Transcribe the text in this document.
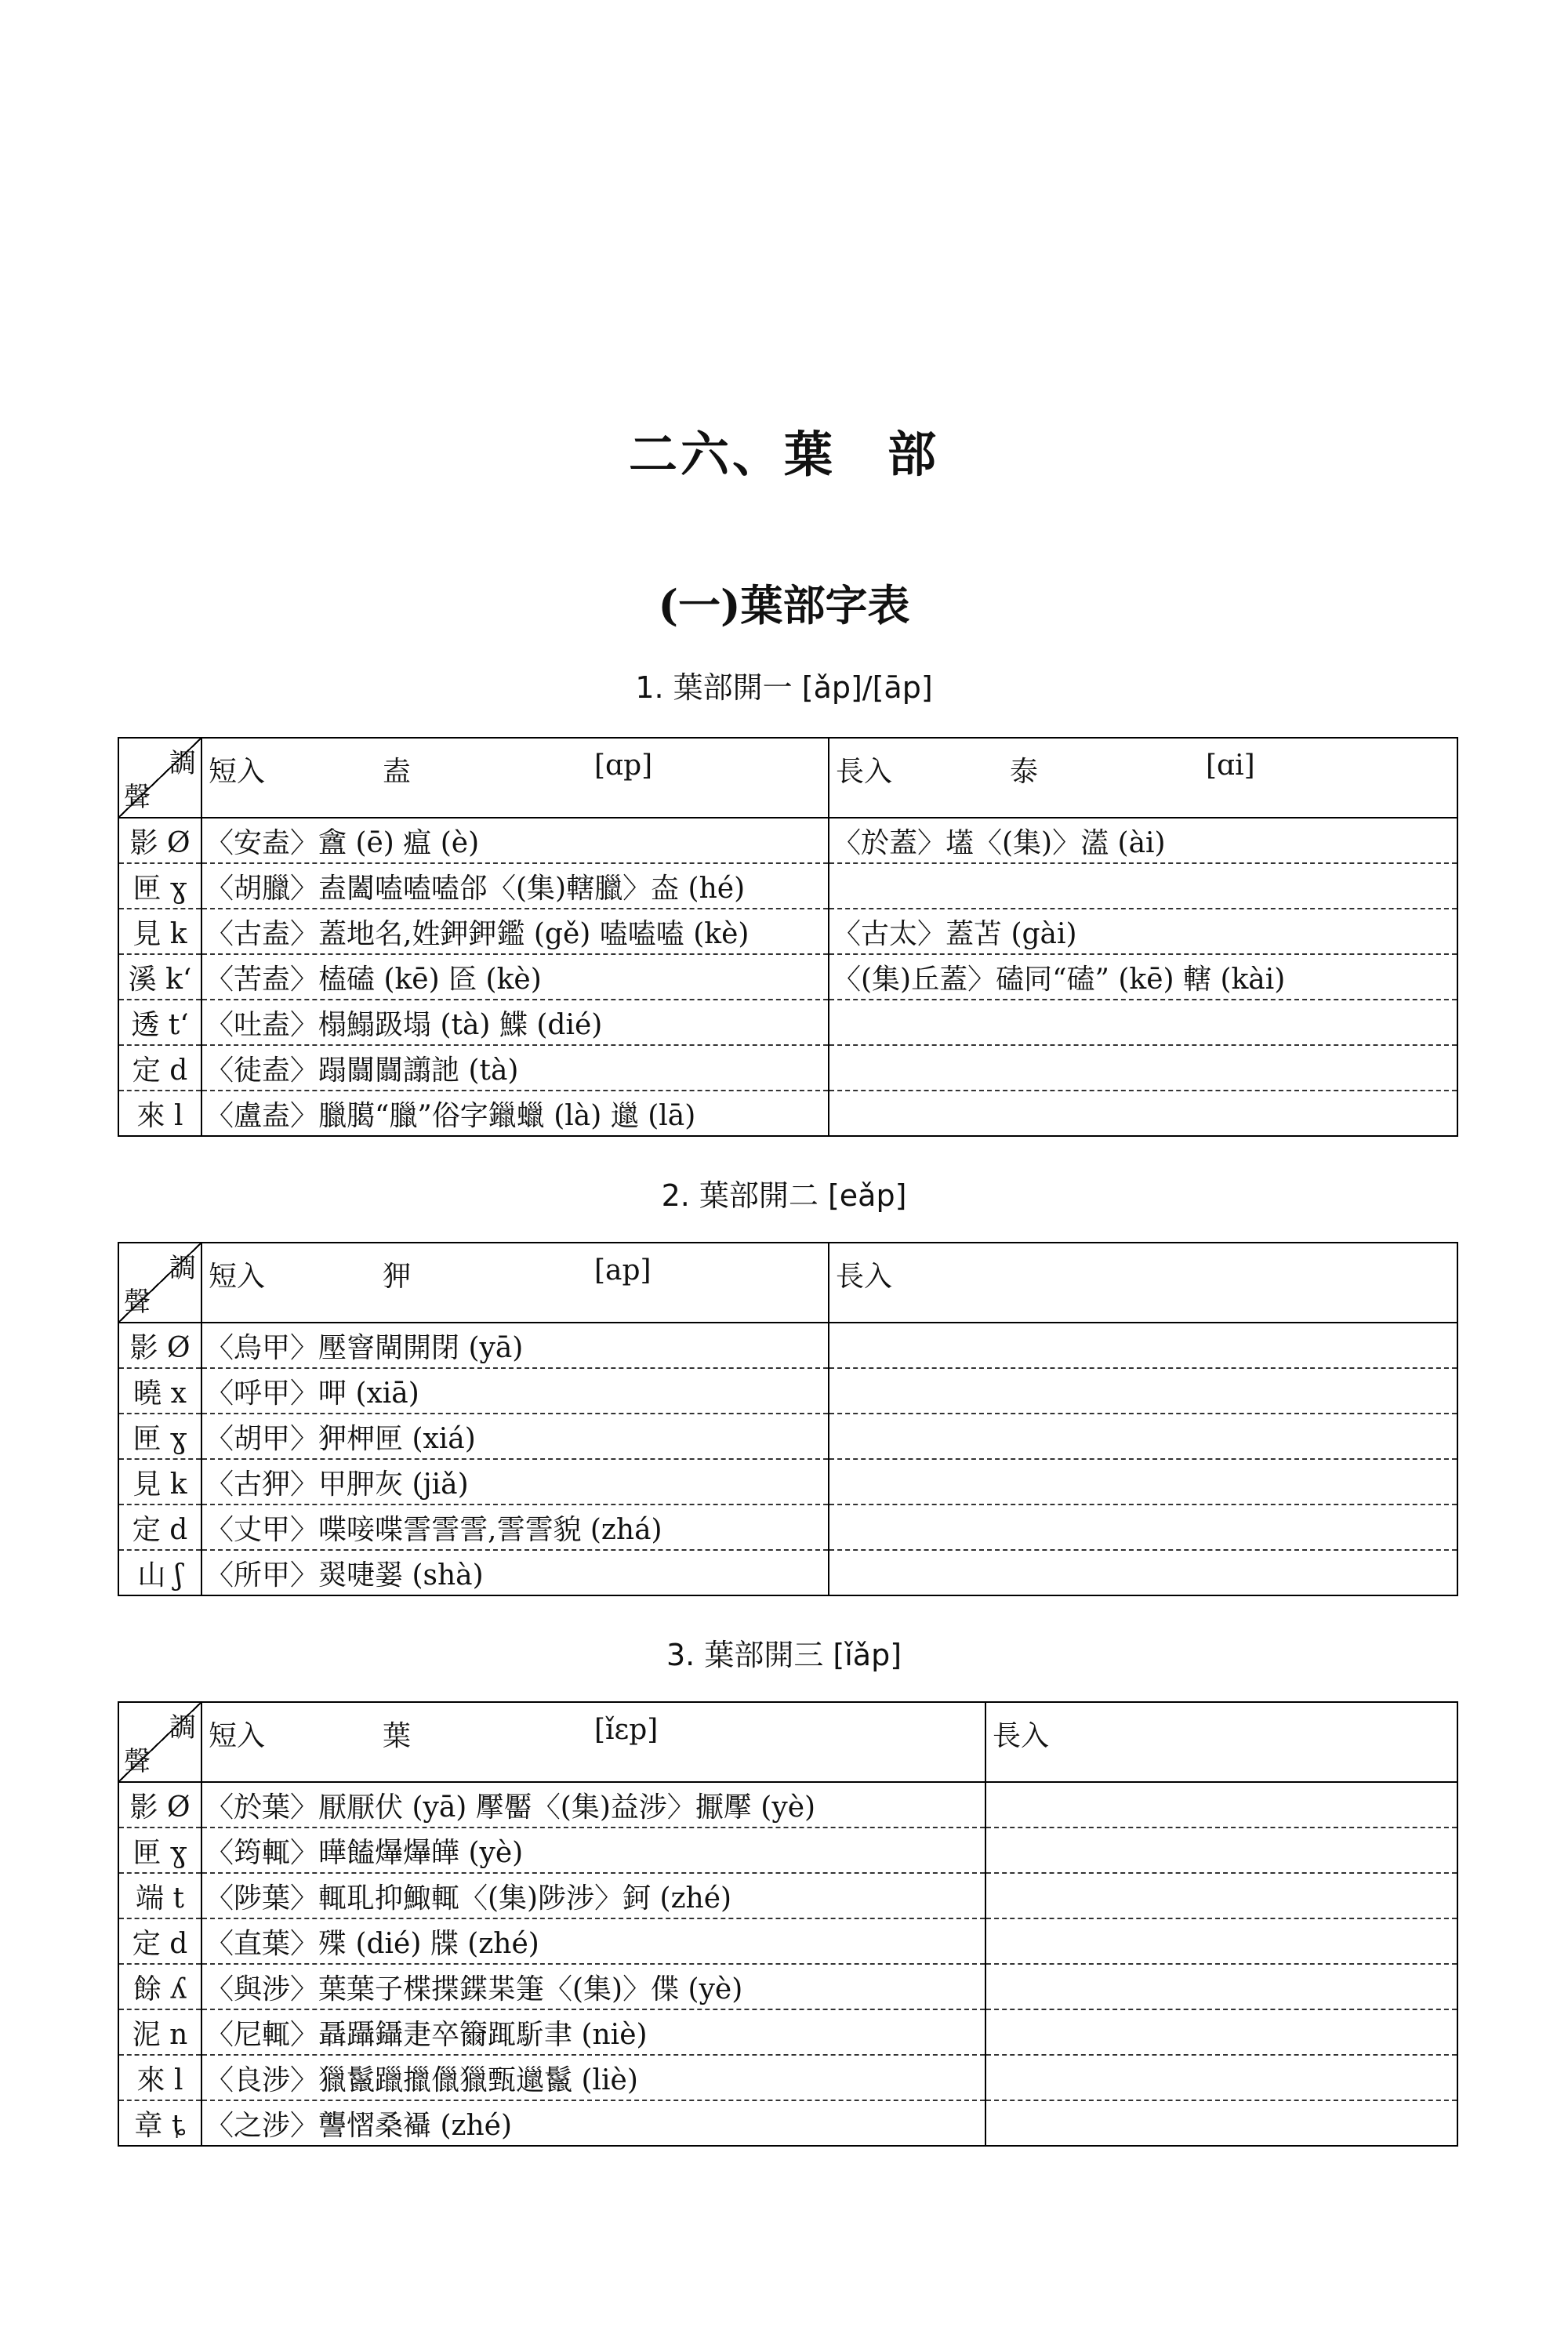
二六、葉　部
(一)葉部字表
1. 葉部開一 [ǎp]/[āp]
調
聲	短入 盍 [ɑp]	長入 泰 [ɑi]

影 Ø	〈安盍〉盦 (ē) 瘟 (è)	〈於蓋〉壒〈(集)〉濭 (ài)
匣 ɣ	〈胡臘〉盍闔嗑嗑嗑郃〈(集)轄臘〉盇 (hé)	
見 k	〈古盍〉蓋地名,姓鉀鉀鑑 (gě) 嗑嗑嗑 (kè)	〈古太〉蓋苫 (gài)
溪 kʻ	〈苦盍〉榼磕 (kē) 匼 (kè)	〈(集)丘蓋〉磕同“磕” (kē) 轄 (kài)
透 tʻ	〈吐盍〉榻鰨趿塌 (tà) 鰈 (dié)	
定 d	〈徒盍〉蹋闒闒譾訑 (tà)	
來 l	〈盧盍〉臘臈“臘”俗字鑞蠟 (là) 邋 (lā)	
2. 葉部開二 [eǎp]
調
聲	短入 狎 [ap]	長入

影 Ø	〈烏甲〉壓窨閘開閉 (yā)	
曉 x	〈呼甲〉呷 (xiā)	
匣 ɣ	〈胡甲〉狎柙匣 (xiá)	
見 k	〈古狎〉甲胛灰 (jiǎ)	
定 d	〈丈甲〉喋唼喋霅霅霅,霅霅貌 (zhá)	
山 ʃ	〈所甲〉翜啑翣 (shà)	
3. 葉部開三 [ǐǎp]
調
聲	短入 葉 [ǐɛp]	長入

影 Ø	〈於葉〉厭厭伏 (yā) 擪靨〈(集)益涉〉擫擪 (yè)	
匣 ɣ	〈筠輒〉曄饁爗爗皣 (yè)	
端 t	〈陟葉〉輒耴抑鯫輒〈(集)陟涉〉鈳 (zhé)	
定 d	〈直葉〉殜 (dié) 牒 (zhé)	
餘 ʎ	〈與涉〉葉葉子楪揲鍱枼箑〈(集)〉偞 (yè)	
泥 n	〈尼輒〉聶躡鑷疌卒籋踂馸聿 (niè)	
來 l	〈良涉〉獵鬣躐擸儠獵甄邋鬣 (liè)	
章 ȶ	〈之涉〉讋慴桑襵 (zhé)	
